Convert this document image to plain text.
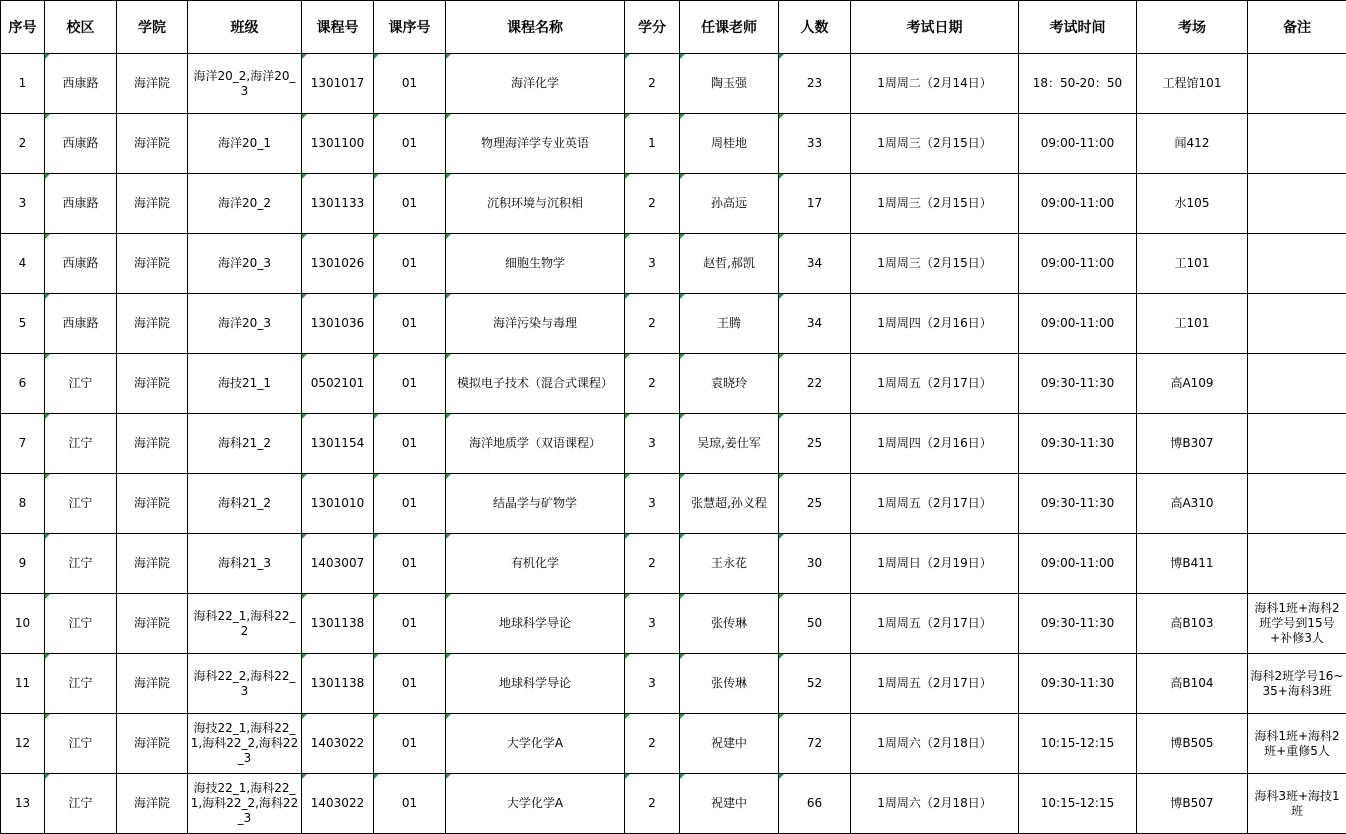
序号	校区	学院	班级	课程号	课序号	课程名称	学分	任课老师	人数	考试日期	考试时间	考场	备注
1	西康路	海洋院	海洋20_2,海洋20_3	1301017	01	海洋化学	2	陶玉强	23	1周周二（2月14日）	18：50-20：50	工程馆101	
2	西康路	海洋院	海洋20_1	1301100	01	物理海洋学专业英语	1	周桂地	33	1周周三（2月15日）	09:00-11:00	闻412	
3	西康路	海洋院	海洋20_2	1301133	01	沉积环境与沉积相	2	孙高远	17	1周周三（2月15日）	09:00-11:00	水105	
4	西康路	海洋院	海洋20_3	1301026	01	细胞生物学	3	赵哲,郝凯	34	1周周三（2月15日）	09:00-11:00	工101	
5	西康路	海洋院	海洋20_3	1301036	01	海洋污染与毒理	2	王腾	34	1周周四（2月16日）	09:00-11:00	工101	
6	江宁	海洋院	海技21_1	0502101	01	模拟电子技术（混合式课程）	2	袁晓玲	22	1周周五（2月17日）	09:30-11:30	高A109	
7	江宁	海洋院	海科21_2	1301154	01	海洋地质学（双语课程）	3	吴琼,姜仕军	25	1周周四（2月16日）	09:30-11:30	博B307	
8	江宁	海洋院	海科21_2	1301010	01	结晶学与矿物学	3	张慧超,孙义程	25	1周周五（2月17日）	09:30-11:30	高A310	
9	江宁	海洋院	海科21_3	1403007	01	有机化学	2	王永花	30	1周周日（2月19日）	09:00-11:00	博B411	
10	江宁	海洋院	海科22_1,海科22_2	1301138	01	地球科学导论	3	张传琳	50	1周周五（2月17日）	09:30-11:30	高B103	海科1班+海科2班学号到15号+补修3人
11	江宁	海洋院	海科22_2,海科22_3	1301138	01	地球科学导论	3	张传琳	52	1周周五（2月17日）	09:30-11:30	高B104	海科2班学号16~35+海科3班
12	江宁	海洋院	海技22_1,海科22_1,海科22_2,海科22_3	1403022	01	大学化学A	2	祝建中	72	1周周六（2月18日）	10:15-12:15	博B505	海科1班+海科2班+重修5人
13	江宁	海洋院	海技22_1,海科22_1,海科22_2,海科22_3	1403022	01	大学化学A	2	祝建中	66	1周周六（2月18日）	10:15-12:15	博B507	海科3班+海技1班
